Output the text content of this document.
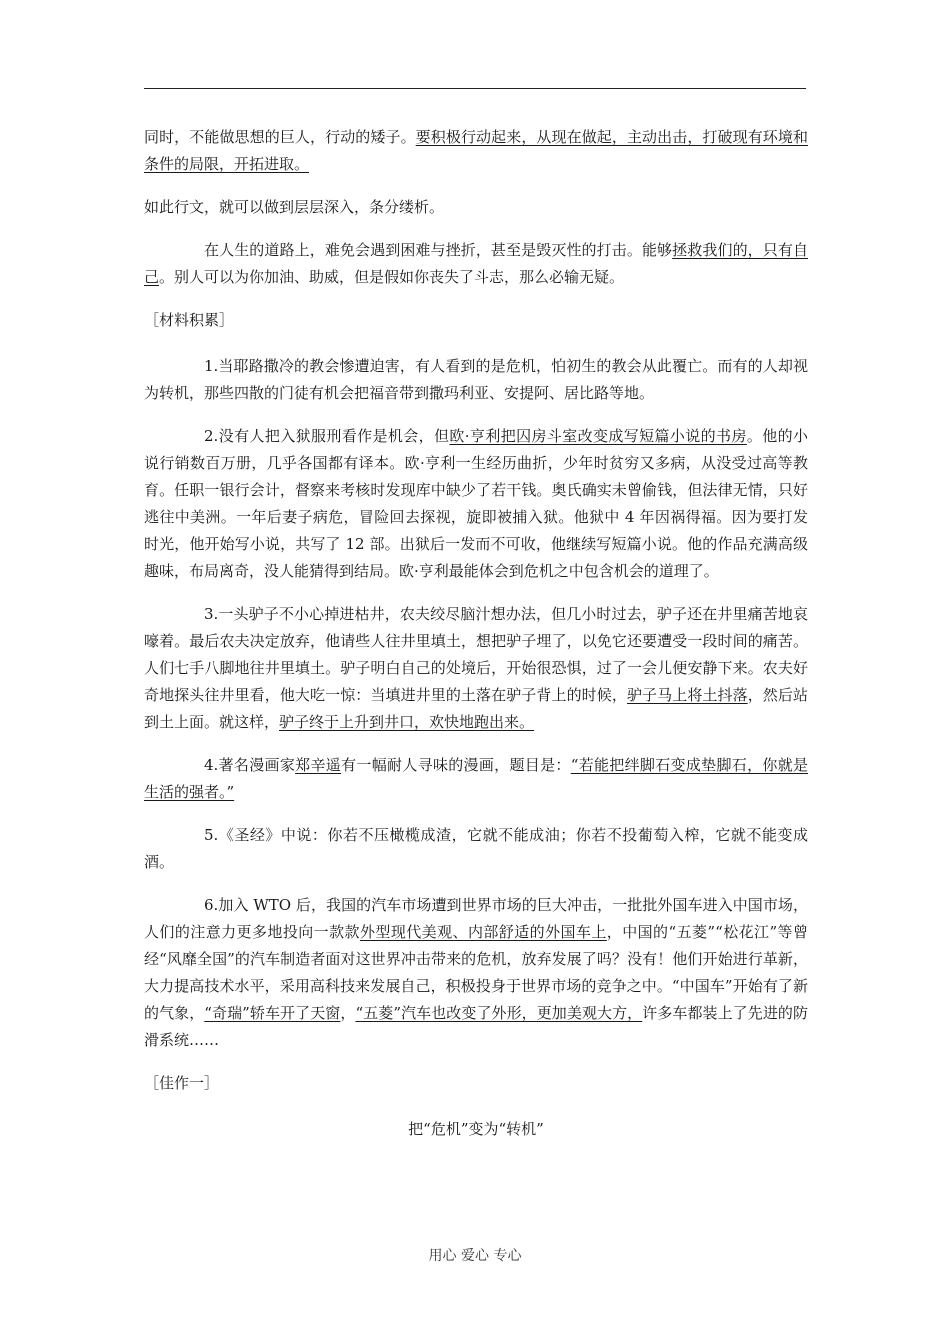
同时，不能做思想的巨人，行动的矮子。要积极行动起来，从现在做起，主动出击，打破现有环境和条件的局限，开拓进取。

如此行文，就可以做到层层深入，条分缕析。

在人生的道路上，难免会遇到困难与挫折，甚至是毁灭性的打击。能够拯救我们的，只有自己。别人可以为你加油、助威，但是假如你丧失了斗志，那么必输无疑。

［材料积累］

1.当耶路撒冷的教会惨遭迫害，有人看到的是危机，怕初生的教会从此覆亡。而有的人却视为转机，那些四散的门徒有机会把福音带到撒玛利亚、安提阿、居比路等地。

2.没有人把入狱服刑看作是机会，但欧·亨利把囚房斗室改变成写短篇小说的书房。他的小说行销数百万册，几乎各国都有译本。欧·亨利一生经历曲折，少年时贫穷又多病，从没受过高等教育。任职一银行会计，督察来考核时发现库中缺少了若干钱。奥氏确实未曾偷钱，但法律无情，只好逃往中美洲。一年后妻子病危，冒险回去探视，旋即被捕入狱。他狱中 4 年因祸得福。因为要打发时光，他开始写小说，共写了 12 部。出狱后一发而不可收，他继续写短篇小说。他的作品充满高级趣味，布局离奇，没人能猜得到结局。欧·亨利最能体会到危机之中包含机会的道理了。

3.一头驴子不小心掉进枯井，农夫绞尽脑汁想办法，但几小时过去，驴子还在井里痛苦地哀嚎着。最后农夫决定放弃，他请些人往井里填土，想把驴子埋了，以免它还要遭受一段时间的痛苦。人们七手八脚地往井里填土。驴子明白自己的处境后，开始很恐惧，过了一会儿便安静下来。农夫好奇地探头往井里看，他大吃一惊：当填进井里的土落在驴子背上的时候，驴子马上将土抖落，然后站到土上面。就这样，驴子终于上升到井口，欢快地跑出来。

4.著名漫画家郑辛遥有一幅耐人寻味的漫画，题目是：“若能把绊脚石变成垫脚石，你就是生活的强者。”

5.《圣经》中说：你若不压橄榄成渣，它就不能成油；你若不投葡萄入榨，它就不能变成酒。

6.加入 WTO 后，我国的汽车市场遭到世界市场的巨大冲击，一批批外国车进入中国市场，人们的注意力更多地投向一款款外型现代美观、内部舒适的外国车上，中国的“五菱”“松花江”等曾经“风靡全国”的汽车制造者面对这世界冲击带来的危机，放弃发展了吗？没有！他们开始进行革新，大力提高技术水平，采用高科技来发展自己，积极投身于世界市场的竞争之中。“中国车”开始有了新的气象，“奇瑞”轿车开了天窗，“五菱”汽车也改变了外形，更加美观大方，许多车都装上了先进的防滑系统……

［佳作一］

把“危机”变为“转机”

用心 爱心 专心
